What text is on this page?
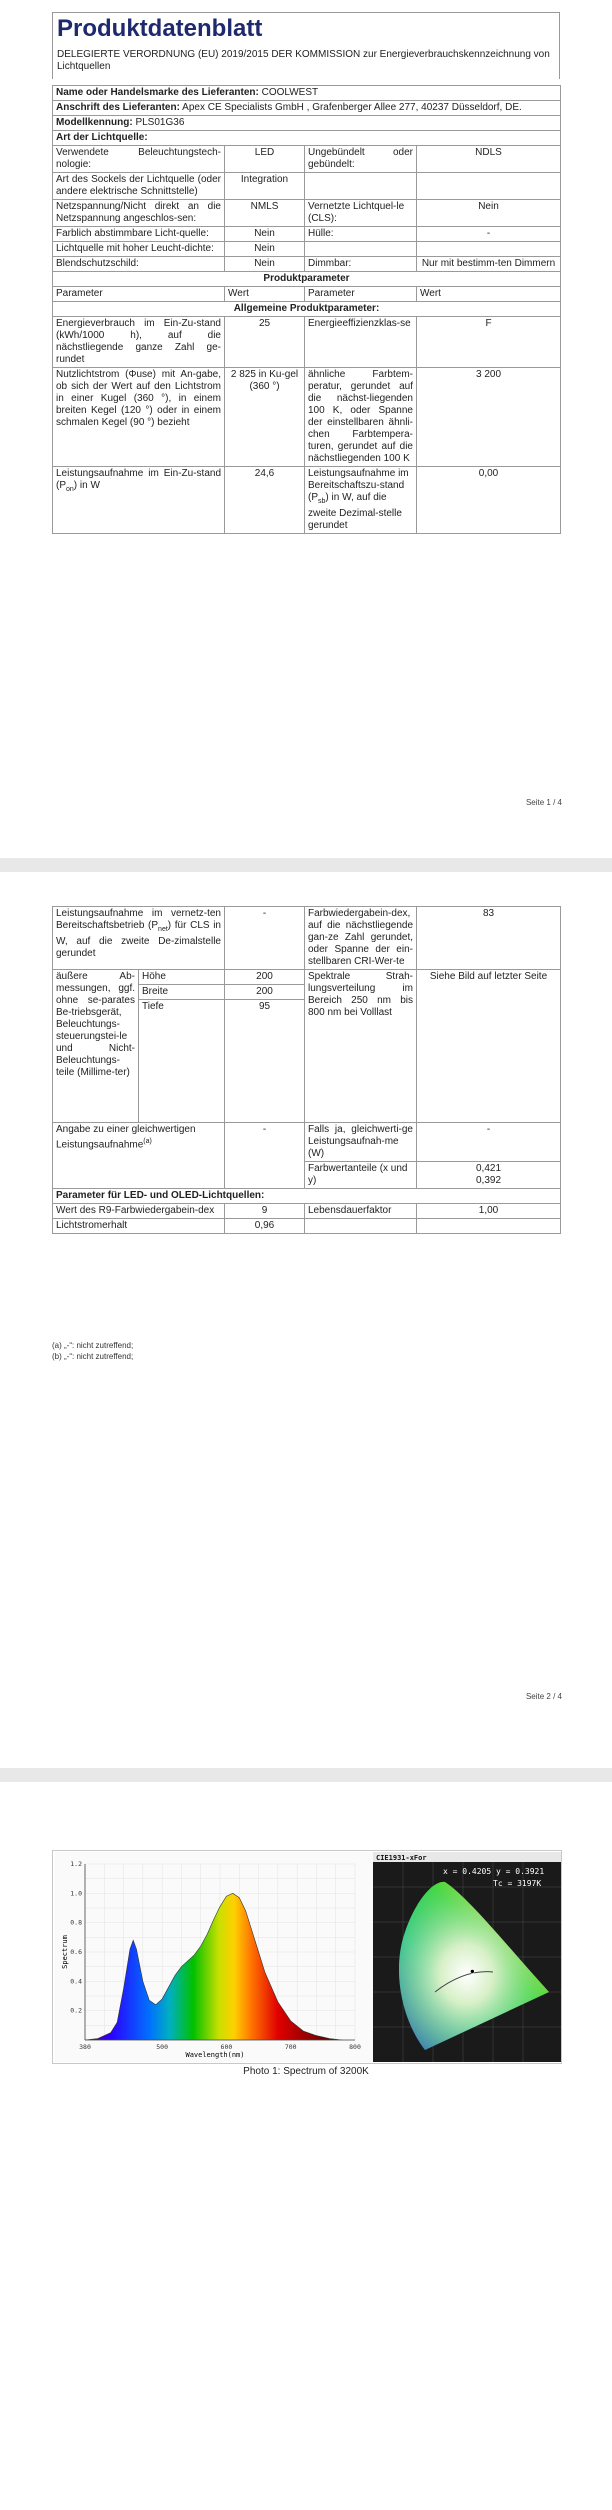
Produktdatenblatt

DELEGIERTE VERORDNUNG (EU) 2019/2015 DER KOMMISSION zur Energieverbrauchskennzeichnung von Lichtquellen

Name oder Handelsmarke des Lieferanten: COOLWEST			
Anschrift des Lieferanten: Apex CE Specialists GmbH , Grafenberger Allee 277, 40237 Düsseldorf, DE.			
Modellkennung: PLS01G36			
Art der Lichtquelle:			
Verwendete Beleuchtungstech-nologie:	LED	Ungebündelt oder gebündelt:	NDLS
Art des Sockels der Lichtquelle (oder andere elektrische Schnittstelle)	Integration		
Netzspannung/Nicht direkt an die Netzspannung angeschlos-sen:	NMLS	Vernetzte Lichtquel-le (CLS):	Nein
Farblich abstimmbare Licht-quelle:	Nein	Hülle:	-
Lichtquelle mit hoher Leucht-dichte:	Nein		
Blendschutzschild:	Nein	Dimmbar:	Nur mit bestimm-ten Dimmern
Produktparameter			
Parameter	Wert	Parameter	Wert
Allgemeine Produktparameter:			
Energieverbrauch im Ein-Zu-stand (kWh/1000 h), auf die nächstliegende ganze Zahl ge-rundet	25	Energieeffizienzklas-se	F
Nutzlichtstrom (Φuse) mit An-gabe, ob sich der Wert auf den Lichtstrom in einer Kugel (360 °), in einem breiten Kegel (120 °) oder in einem schmalen Kegel (90 °) bezieht	2 825 in Ku-gel (360 °)	ähnliche Farbtem-peratur, gerundet auf die nächst-liegenden 100 K, oder Spanne der einstellbaren ähnli-chen Farbtempera-turen, gerundet auf die nächstliegenden 100 K	3 200
Leistungsaufnahme im Ein-Zu-stand $(P_{on})$ in W	24,6	Leistungsaufnahme im Bereitschaftszu-stand $(P_{sb})$ in W, auf die zweite Dezimal-stelle gerundet	0,00
Seite 1 / 4
Leistungsaufnahme im vernetz-ten Bereitschaftsbetrieb $(P_{net})$ für CLS in W, auf die zweite De-zimalstelle gerundet		-	Farbwiedergabein-dex, auf die nächstliegende gan-ze Zahl gerundet, oder Spanne der ein-stellbaren CRI-Wer-te	83
äußere Ab-messungen, ggf. ohne se-parates Be-triebsgerät, Beleuchtungs-steuerungstei-le und Nicht-Beleuchtungs-teile (Millime-ter)	Höhe	200	Spektrale Strah-lungsverteilung im Bereich 250 nm bis 800 nm bei Volllast	Siehe Bild auf letzter Seite
	Breite	200		
	Tiefe	95		
Angabe zu einer gleichwertigen Leistungsaufnahme$^{(a)}$		-	Falls ja, gleichwerti-ge Leistungsaufnah-me (W)	-
			Farbwertanteile (x und y)	0,421
0,392
Parameter für LED- und OLED-Lichtquellen:				
Wert des R9-Farbwiedergabein-dex		9	Lebensdauerfaktor	1,00
Lichtstromerhalt		0,96		
(a) „-“: nicht zutreffend;
(b) „-“: nicht zutreffend;
Seite 2 / 4
380	500	600	700	800
0.2
0.4
0.6
0.8
1.0
1.2
Wavelength(nm)
Spectrum
CIE1931-xFor
x = 0.4205 y = 0.3921
Tc = 3197K
Photo 1: Spectrum of 3200K
